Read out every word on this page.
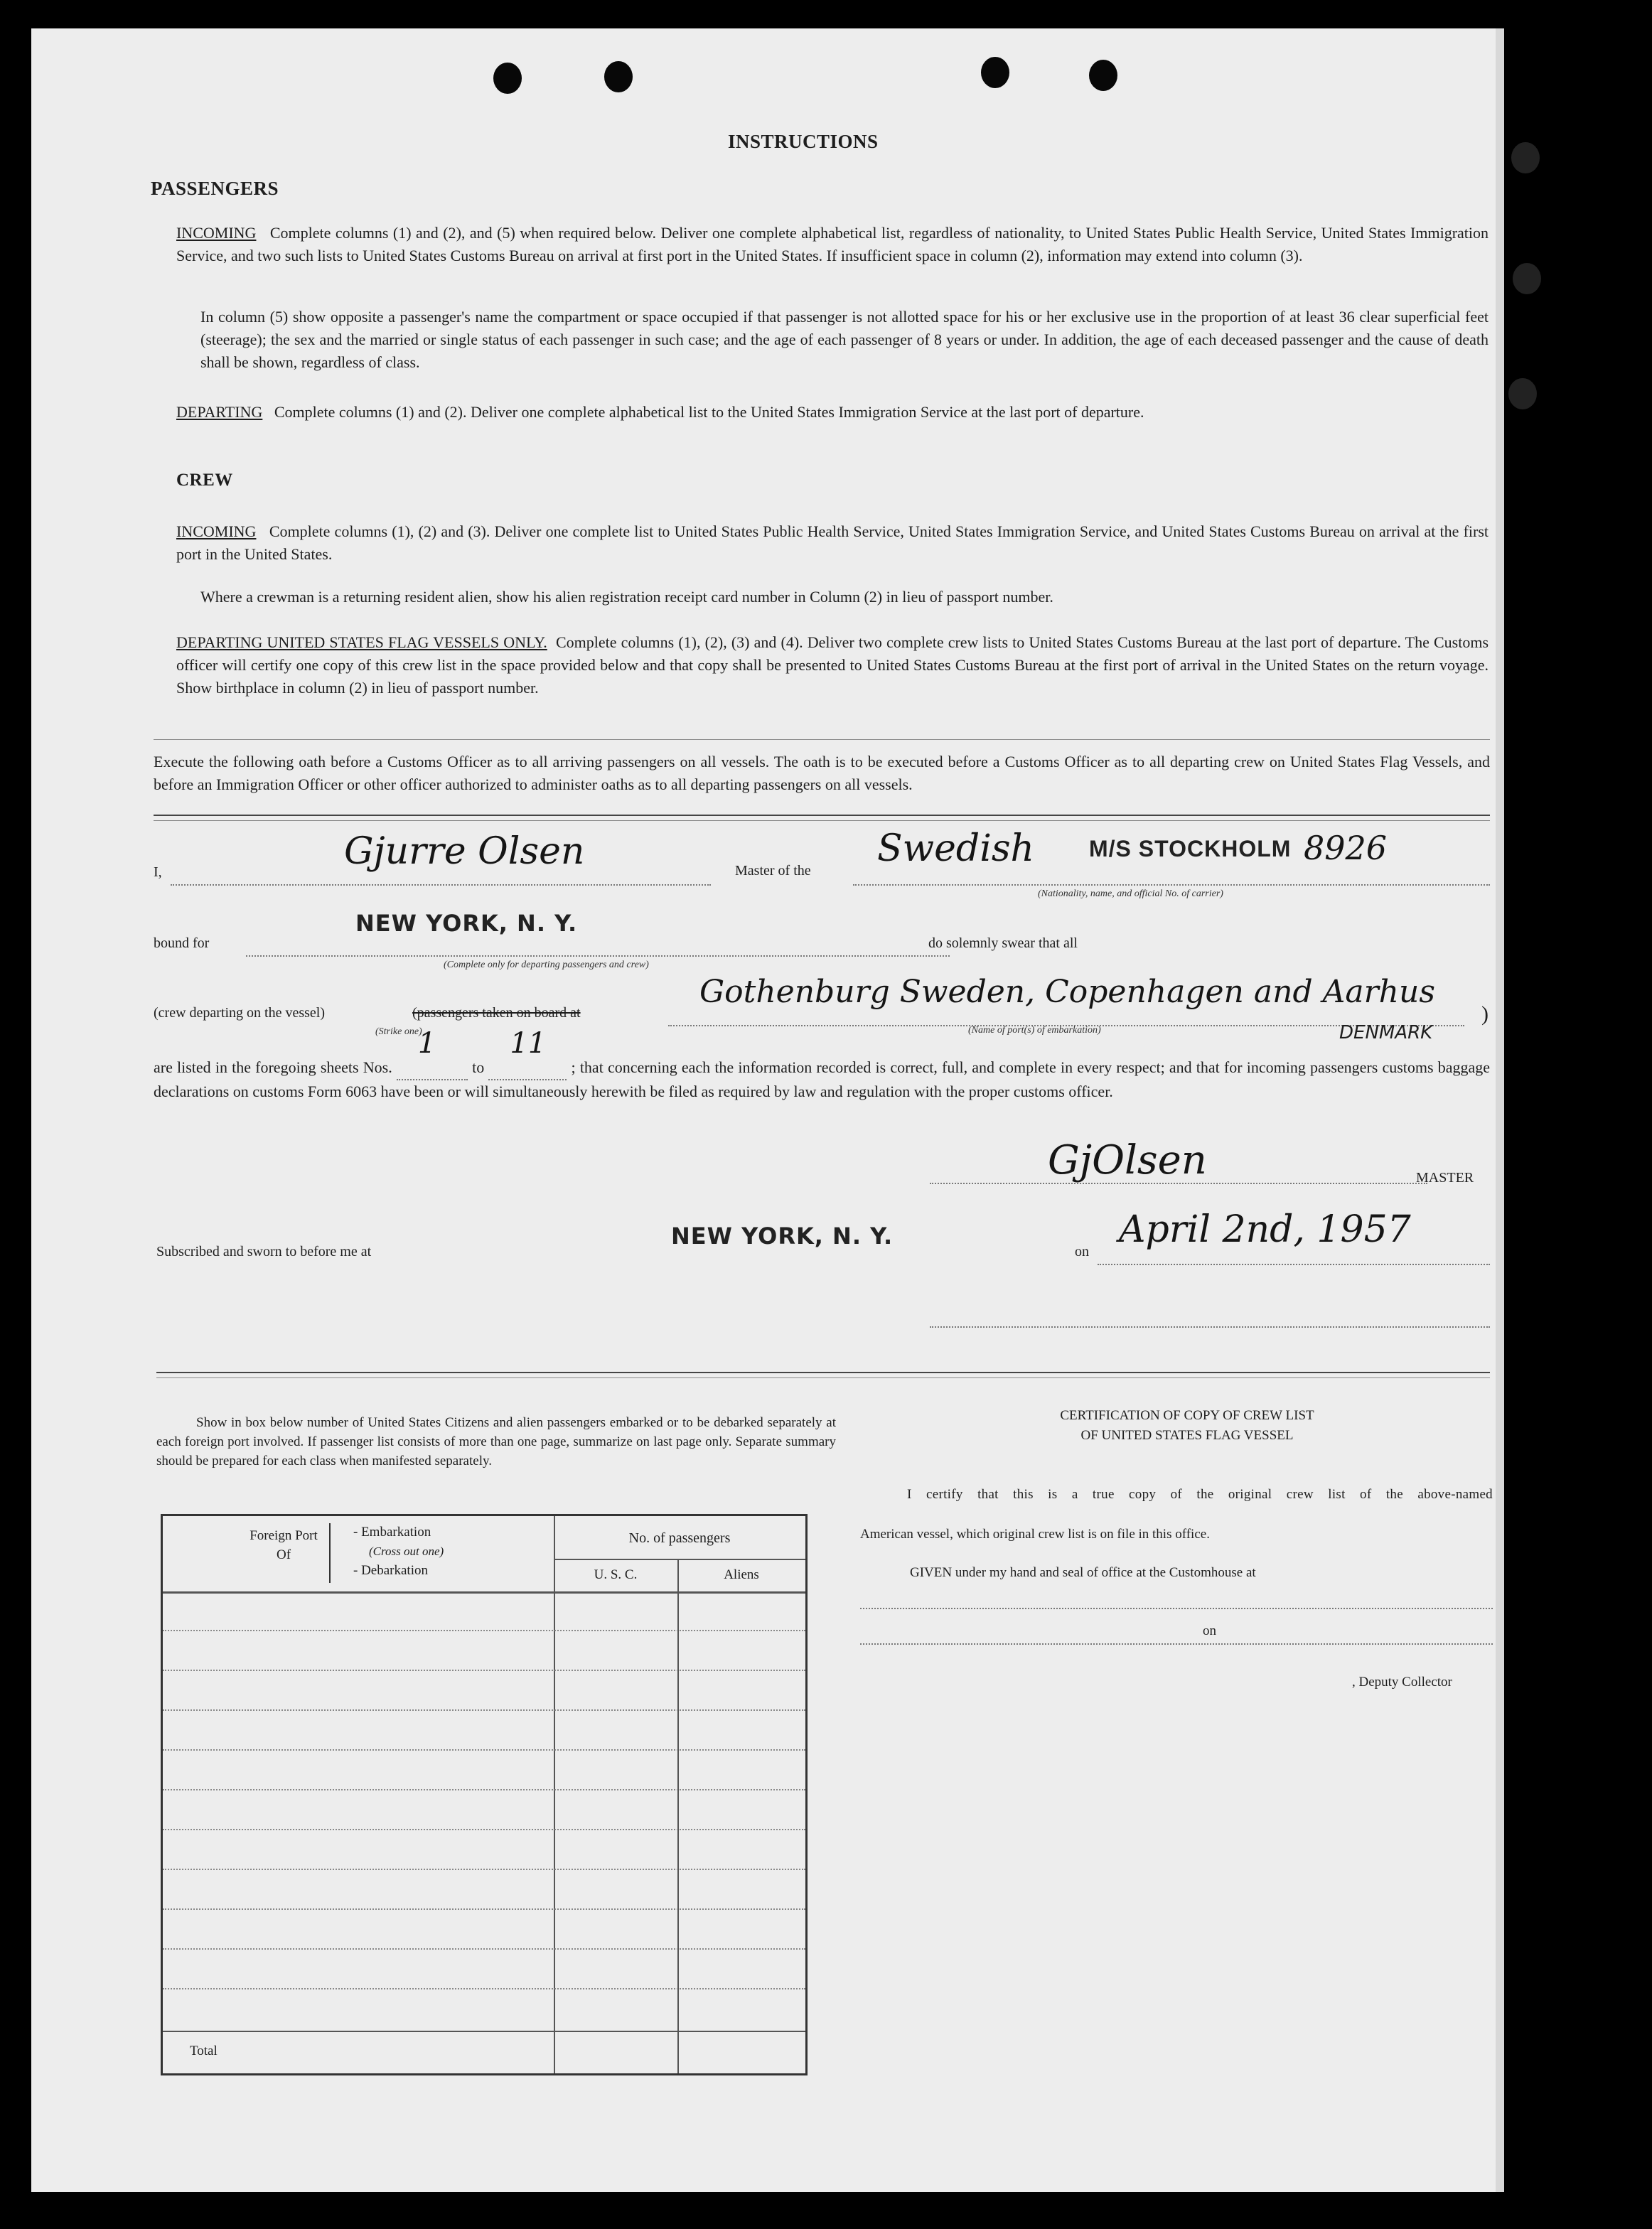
INSTRUCTIONS
PASSENGERS
INCOMING Complete columns (1) and (2), and (5) when required below. Deliver one complete alphabetical list, regardless of nationality, to United States Public Health Service, United States Immigration Service, and two such lists to United States Customs Bureau on arrival at first port in the United States. If insufficient space in column (2), information may extend into column (3).
In column (5) show opposite a passenger's name the compartment or space occupied if that passenger is not allotted space for his or her exclusive use in the proportion of at least 36 clear superficial feet (steerage); the sex and the married or single status of each passenger in such case; and the age of each passenger of 8 years or under. In addition, the age of each deceased passenger and the cause of death shall be shown, regardless of class.
DEPARTING Complete columns (1) and (2). Deliver one complete alphabetical list to the United States Immigration Service at the last port of departure.
CREW
INCOMING Complete columns (1), (2) and (3). Deliver one complete list to United States Public Health Service, United States Immigration Service, and United States Customs Bureau on arrival at the first port in the United States.
Where a crewman is a returning resident alien, show his alien registration receipt card number in Column (2) in lieu of passport number.
DEPARTING UNITED STATES FLAG VESSELS ONLY. Complete columns (1), (2), (3) and (4). Deliver two complete crew lists to United States Customs Bureau at the last port of departure. The Customs officer will certify one copy of this crew list in the space provided below and that copy shall be presented to United States Customs Bureau at the first port of arrival in the United States on the return voyage. Show birthplace in column (2) in lieu of passport number.
Execute the following oath before a Customs Officer as to all arriving passengers on all vessels. The oath is to be executed before a Customs Officer as to all departing crew on United States Flag Vessels, and before an Immigration Officer or other officer authorized to administer oaths as to all departing passengers on all vessels.
I,	Gjurre Olsen	Master of the
Swedish M/S STOCKHOLM 8926
(Nationality, name, and official No. of carrier)
bound for
NEW YORK, N. Y.
(Complete only for departing passengers and crew)
do solemnly swear that all
(crew departing on the vessel)	(passengers taken on board at
(Strike one)
Gothenburg Sweden, Copenhagen and Aarhus
(Name of port(s) of embarkation)	DENMARK
)
are listed in the foregoing sheets Nos.
1
to
11
; that concerning each the information recorded is correct, full, and complete in every respect; and that for incoming passengers customs baggage declarations on customs Form 6063 have been or will simultaneously herewith be filed as required by law and regulation with the proper customs officer.
GjOlsen	MASTER
Subscribed and sworn to before me at
NEW YORK, N. Y.
on
April 2nd, 1957
Show in box below number of United States Citizens and alien passengers embarked or to be debarked separately at each foreign port involved. If passenger list consists of more than one page, summarize on last page only. Separate summary should be prepared for each class when manifested separately.
Foreign Port Of
- Embarkation
(Cross out one)
- Debarkation
No. of passengers
U. S. C.	Aliens
Total
CERTIFICATION OF COPY OF CREW LIST
OF UNITED STATES FLAG VESSEL
I certify that this is a true copy of the original crew list of the above-named
American vessel, which original crew list is on file in this office.
GIVEN under my hand and seal of office at the Customhouse at
on
, Deputy Collector
